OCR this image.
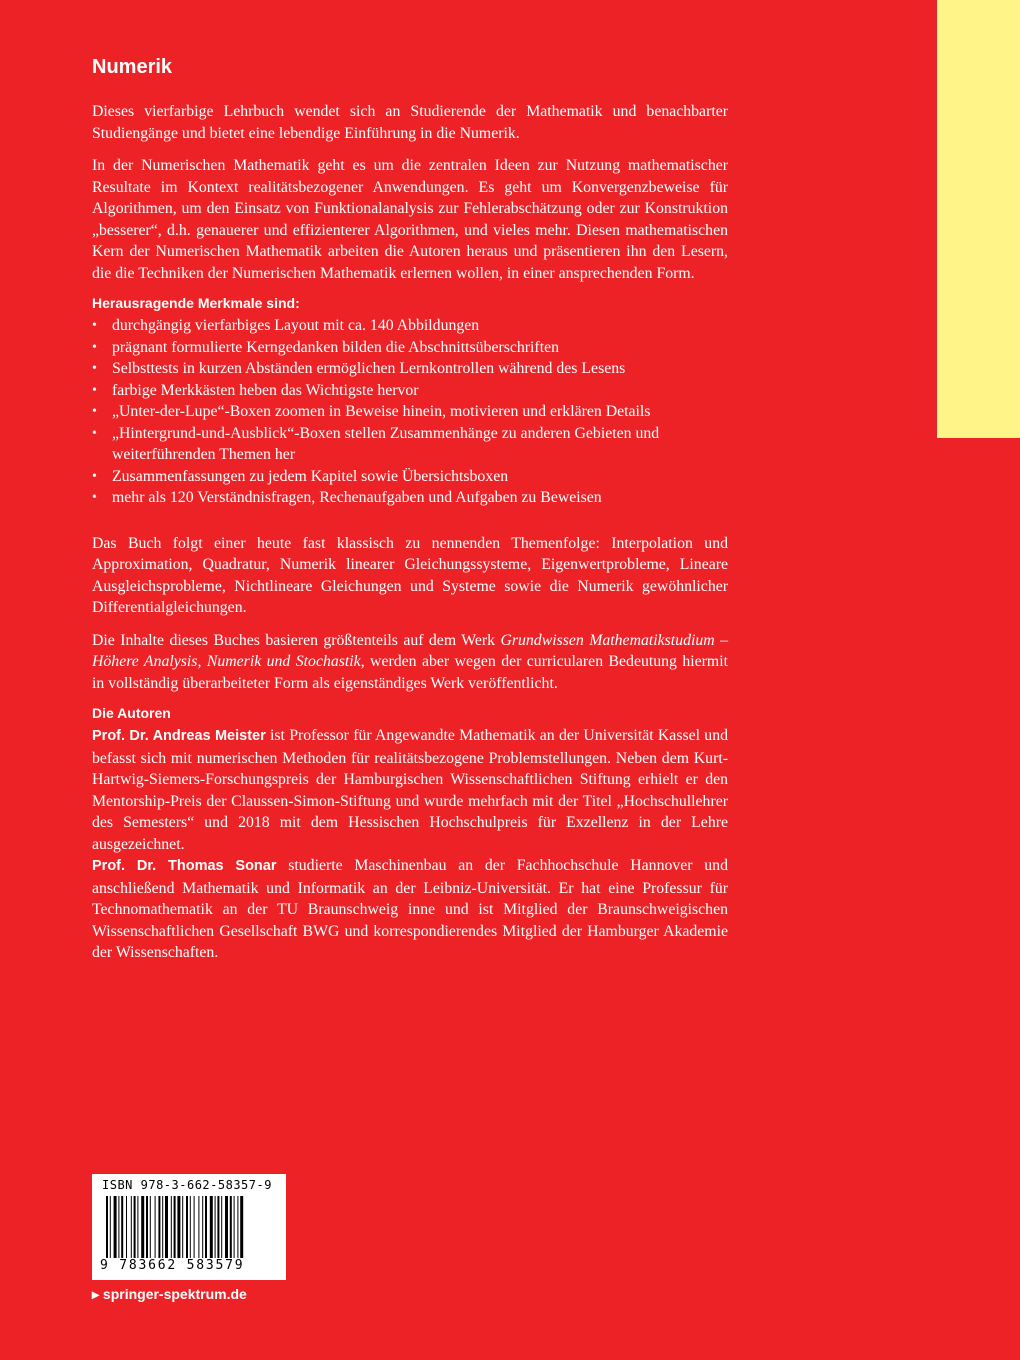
Numerik

Dieses vierfarbige Lehrbuch wendet sich an Studierende der Mathematik und benachbarter Studiengänge und bietet eine lebendige Einführung in die Numerik.

In der Numerischen Mathematik geht es um die zentralen Ideen zur Nutzung mathematischer Resultate im Kontext realitätsbezogener Anwendungen. Es geht um Konvergenzbeweise für Algorithmen, um den Einsatz von Funktionalanalysis zur Fehlerabschätzung oder zur Konstruktion „besserer“, d.h. genauerer und effizienterer Algorithmen, und vieles mehr. Diesen mathematischen Kern der Numerischen Mathematik arbeiten die Autoren heraus und präsentieren ihn den Lesern, die die Techniken der Numerischen Mathematik erlernen wollen, in einer ansprechenden Form.

Herausragende Merkmale sind:
• durchgängig vierfarbiges Layout mit ca. 140 Abbildungen
• prägnant formulierte Kerngedanken bilden die Abschnittsüberschriften
• Selbsttests in kurzen Abständen ermöglichen Lernkontrollen während des Lesens
• farbige Merkkästen heben das Wichtigste hervor
• „Unter-der-Lupe“-Boxen zoomen in Beweise hinein, motivieren und erklären Details
• „Hintergrund-und-Ausblick“-Boxen stellen Zusammenhänge zu anderen Gebieten und weiterführenden Themen her
• Zusammenfassungen zu jedem Kapitel sowie Übersichtsboxen
• mehr als 120 Verständnisfragen, Rechenaufgaben und Aufgaben zu Beweisen

Das Buch folgt einer heute fast klassisch zu nennenden Themenfolge: Interpolation und Approximation, Quadratur, Numerik linearer Gleichungssysteme, Eigenwertprobleme, Lineare Ausgleichsprobleme, Nichtlineare Gleichungen und Systeme sowie die Numerik gewöhnlicher Differentialgleichungen.

Die Inhalte dieses Buches basieren größtenteils auf dem Werk Grundwissen Mathematikstudium – Höhere Analysis, Numerik und Stochastik, werden aber wegen der curricularen Bedeutung hiermit in vollständig überarbeiteter Form als eigenständiges Werk veröffentlicht.

Die Autoren

Prof. Dr. Andreas Meister ist Professor für Angewandte Mathematik an der Universität Kassel und befasst sich mit numerischen Methoden für realitätsbezogene Problemstellungen. Neben dem Kurt-Hartwig-Siemers-Forschungspreis der Hamburgischen Wissenschaftlichen Stiftung erhielt er den Mentorship-Preis der Claussen-Simon-Stiftung und wurde mehrfach mit der Titel „Hochschullehrer des Semesters“ und 2018 mit dem Hessischen Hochschulpreis für Exzellenz in der Lehre ausgezeichnet.

Prof. Dr. Thomas Sonar studierte Maschinenbau an der Fachhochschule Hannover und anschließend Mathematik und Informatik an der Leibniz-Universität. Er hat eine Professur für Technomathematik an der TU Braunschweig inne und ist Mitglied der Braunschweigischen Wissenschaftlichen Gesellschaft BWG und korrespondierendes Mitglied der Hamburger Akademie der Wissenschaften.

ISBN 978-3-662-58357-9
9 783662 583579
▸ springer-spektrum.de
